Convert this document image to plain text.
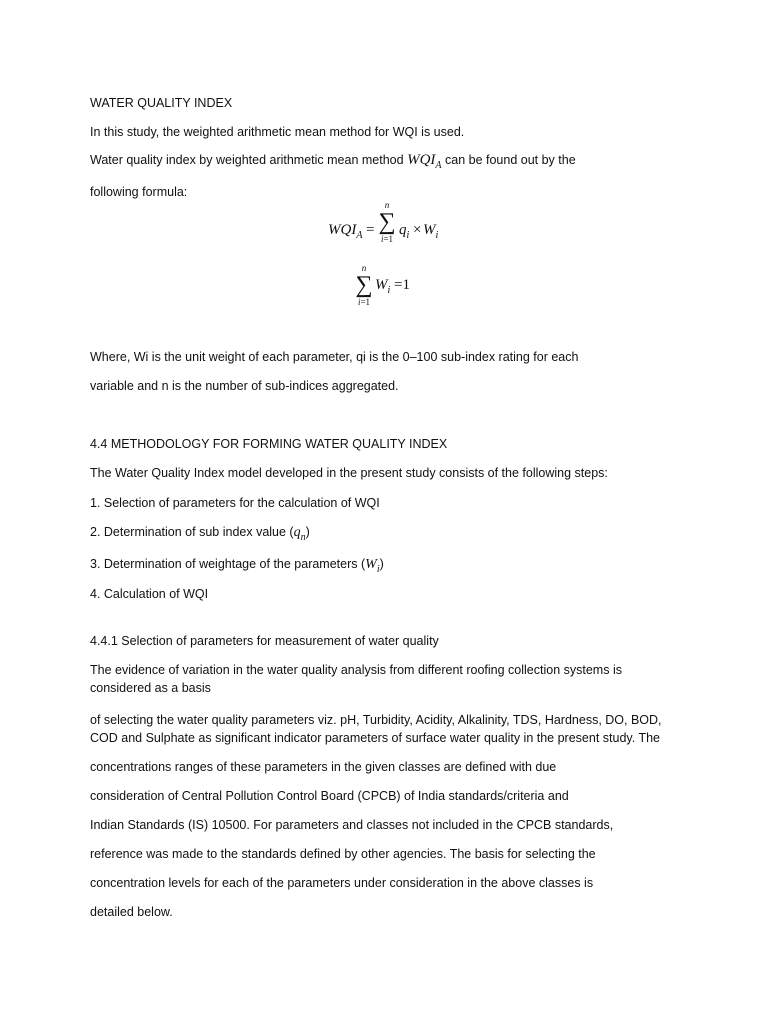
WATER QUALITY INDEX
In this study, the weighted arithmetic mean method for WQI is used.
Water quality index by weighted arithmetic mean method $WQI_A$ can be found out by the
following formula:
$WQI_A$ =
n
∑
i=1
$q_i \times W_i$
n
∑
i=1
$W_i =1$
Where, Wi is the unit weight of each parameter, qi is the 0–100 sub-index rating for each
variable and n is the number of sub-indices aggregated.
4.4 METHODOLOGY FOR FORMING WATER QUALITY INDEX
The Water Quality Index model developed in the present study consists of the following steps:
1. Selection of parameters for the calculation of WQI
2. Determination of sub index value $(q_n)$
3. Determination of weightage of the parameters $(W_i)$
4. Calculation of WQI
4.4.1 Selection of parameters for measurement of water quality
The evidence of variation in the water quality analysis from different roofing collection systems is considered as a basis
of selecting the water quality parameters viz. pH, Turbidity, Acidity, Alkalinity, TDS, Hardness, DO, BOD, COD and Sulphate as significant indicator parameters of surface water quality in the present study. The
concentrations ranges of these parameters in the given classes are defined with due
consideration of Central Pollution Control Board (CPCB) of India standards/criteria and
Indian Standards (IS) 10500. For parameters and classes not included in the CPCB standards,
reference was made to the standards defined by other agencies. The basis for selecting the
concentration levels for each of the parameters under consideration in the above classes is
detailed below.
